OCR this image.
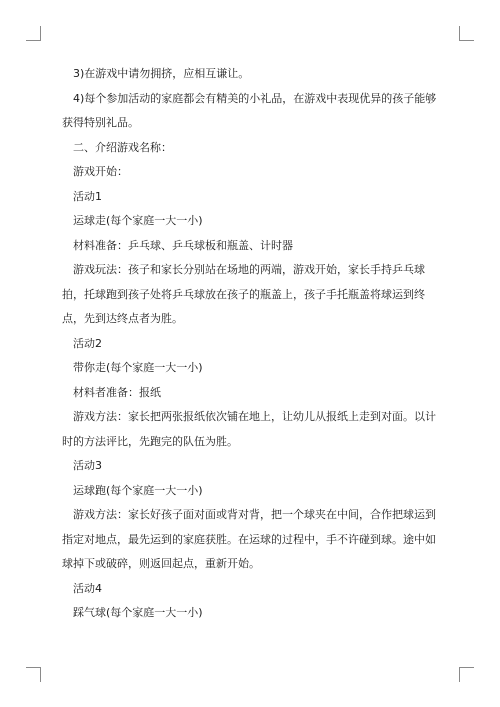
　3)在游戏中请勿拥挤，应相互谦让。

　4)每个参加活动的家庭都会有精美的小礼品，在游戏中表现优异的孩子能够获得特别礼品。

　二、介绍游戏名称：

　游戏开始：

　活动1

　运球走(每个家庭一大一小)

　材料准备：乒乓球、乒乓球板和瓶盖、计时器

　游戏玩法：孩子和家长分别站在场地的两端，游戏开始，家长手持乒乓球拍，托球跑到孩子处将乒乓球放在孩子的瓶盖上，孩子手托瓶盖将球运到终点，先到达终点者为胜。

　活动2

　带你走(每个家庭一大一小)

　材料者准备：报纸

　游戏方法：家长把两张报纸依次铺在地上，让幼儿从报纸上走到对面。以计时的方法评比，先跑完的队伍为胜。

　活动3

　运球跑(每个家庭一大一小)

　游戏方法：家长好孩子面对面或背对背，把一个球夹在中间，合作把球运到指定对地点，最先运到的家庭获胜。在运球的过程中，手不许碰到球。途中如球掉下或破碎，则返回起点，重新开始。

　活动4

　踩气球(每个家庭一大一小)
